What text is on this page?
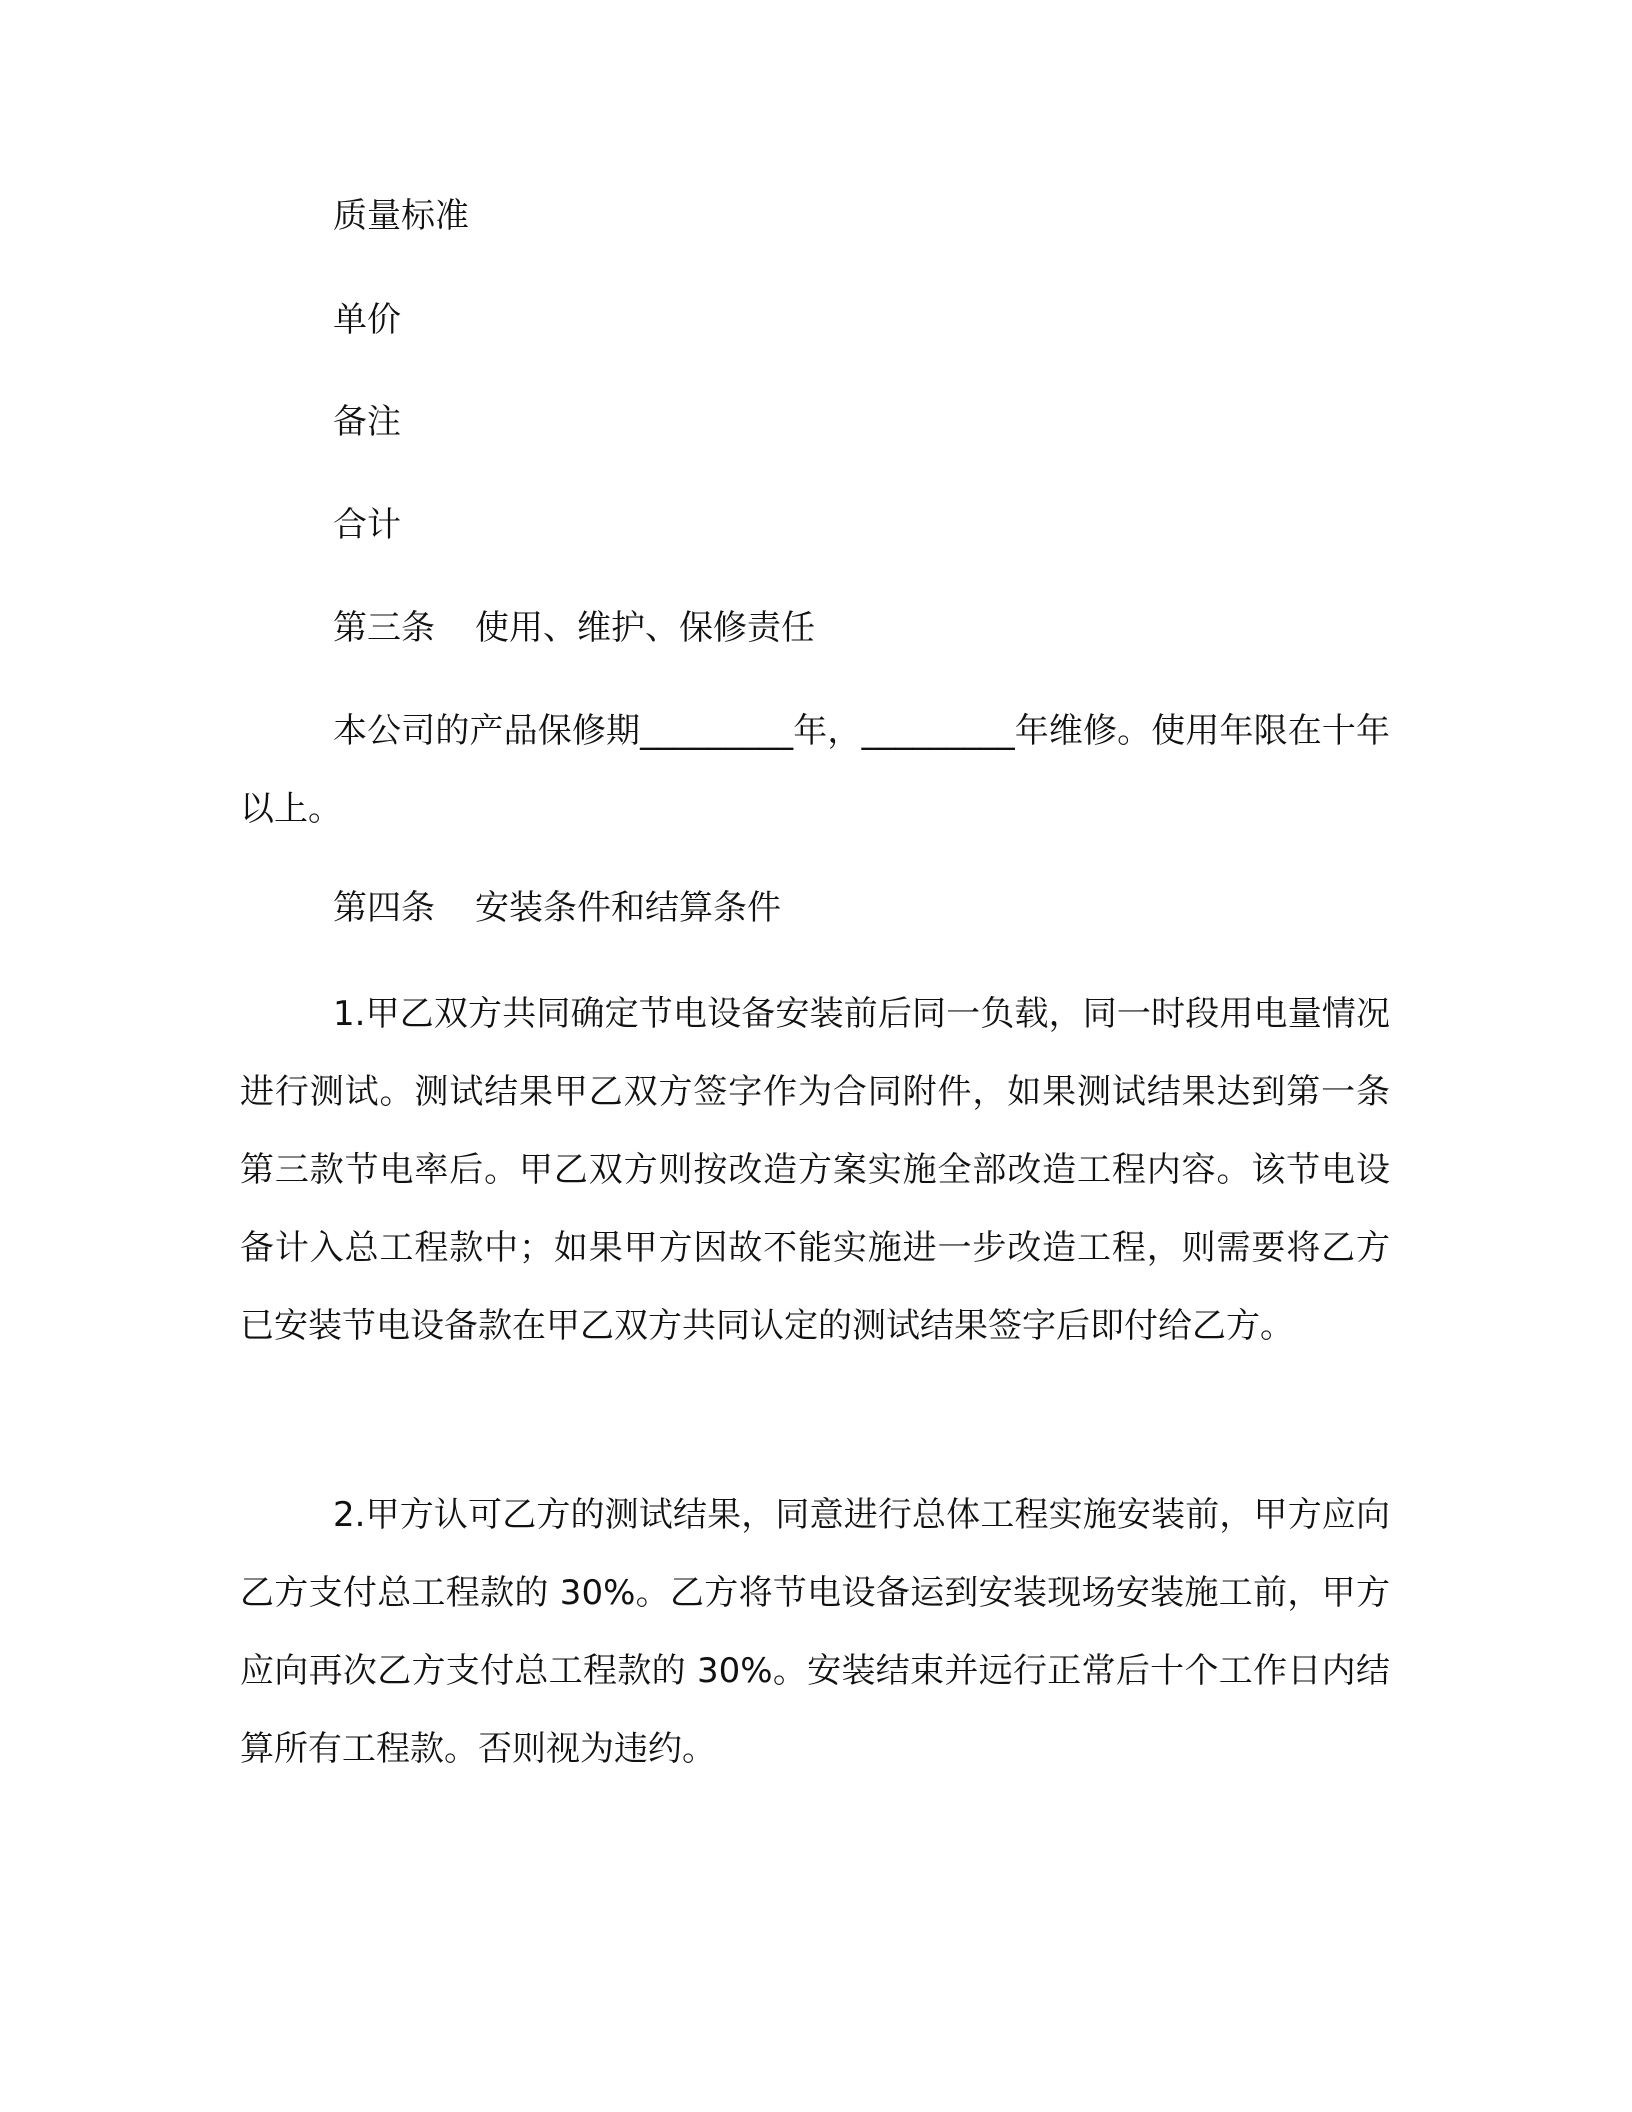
质量标准

单价

备注

合计

第三条 使用、维护、保修责任

本公司的产品保修期_________年，_________年维修。使用年限在十年以上。

第四条 安装条件和结算条件

1.甲乙双方共同确定节电设备安装前后同一负载，同一时段用电量情况进行测试。测试结果甲乙双方签字作为合同附件，如果测试结果达到第一条第三款节电率后。甲乙双方则按改造方案实施全部改造工程内容。该节电设备计入总工程款中；如果甲方因故不能实施进一步改造工程，则需要将乙方已安装节电设备款在甲乙双方共同认定的测试结果签字后即付给乙方。

2.甲方认可乙方的测试结果，同意进行总体工程实施安装前，甲方应向乙方支付总工程款的 30%。乙方将节电设备运到安装现场安装施工前，甲方应向再次乙方支付总工程款的 30%。安装结束并远行正常后十个工作日内结算所有工程款。否则视为违约。
